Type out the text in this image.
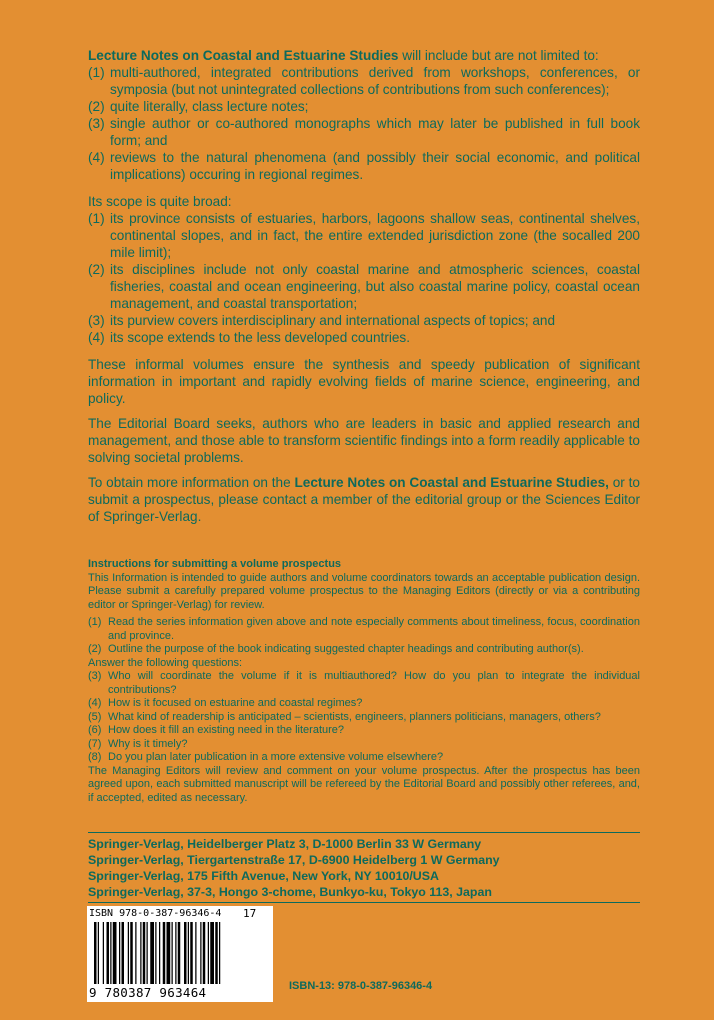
Lecture Notes on Coastal and Estuarine Studies will include but are not limited to:

(1) multi-authored, integrated contributions derived from workshops, conferences, or symposia (but not unintegrated collections of contributions from such conferences);
(2) quite literally, class lecture notes;
(3) single author or co-authored monographs which may later be published in full book form; and
(4) reviews to the natural phenomena (and possibly their social economic, and political implications) occuring in regional regimes.

Its scope is quite broad:

(1) its province consists of estuaries, harbors, lagoons shallow seas, continental shelves, continental slopes, and in fact, the entire extended jurisdiction zone (the socalled 200 mile limit);
(2) its disciplines include not only coastal marine and atmospheric sciences, coastal fisheries, coastal and ocean engineering, but also coastal marine policy, coastal ocean management, and coastal transportation;
(3) its purview covers interdisciplinary and international aspects of topics; and
(4) its scope extends to the less developed countries.

These informal volumes ensure the synthesis and speedy publication of significant information in important and rapidly evolving fields of marine science, engineering, and policy.

The Editorial Board seeks, authors who are leaders in basic and applied research and management, and those able to transform scientific findings into a form readily applicable to solving societal problems.

To obtain more information on the Lecture Notes on Coastal and Estuarine Studies, or to submit a prospectus, please contact a member of the editorial group or the Sciences Editor of Springer-Verlag.

Instructions for submitting a volume prospectus
This Information is intended to guide authors and volume coordinators towards an acceptable publication design. Please submit a carefully prepared volume prospectus to the Managing Editors (directly or via a contributing editor or Springer-Verlag) for review.
(1) Read the series information given above and note especially comments about timeliness, focus, coordination and province.
(2) Outline the purpose of the book indicating suggested chapter headings and contributing author(s).
Answer the following questions:
(3) Who will coordinate the volume if it is multiauthored? How do you plan to integrate the individual contributions?
(4) How is it focused on estuarine and coastal regimes?
(5) What kind of readership is anticipated – scientists, engineers, planners politicians, managers, others?
(6) How does it fill an existing need in the literature?
(7) Why is it timely?
(8) Do you plan later publication in a more extensive volume elsewhere?
The Managing Editors will review and comment on your volume prospectus. After the prospectus has been agreed upon, each submitted manuscript will be refereed by the Editorial Board and possibly other referees, and, if accepted, edited as necessary.
Springer-Verlag, Heidelberger Platz 3, D-1000 Berlin 33 W Germany
Springer-Verlag, Tiergartenstraße 17, D-6900 Heidelberg 1 W Germany
Springer-Verlag, 175 Fifth Avenue, New York, NY 10010/USA
Springer-Verlag, 37-3, Hongo 3-chome, Bunkyo-ku, Tokyo 113, Japan
ISBN 978-0-387-96346-4 17
9 780387 963464	ISBN-13: 978-0-387-96346-4
